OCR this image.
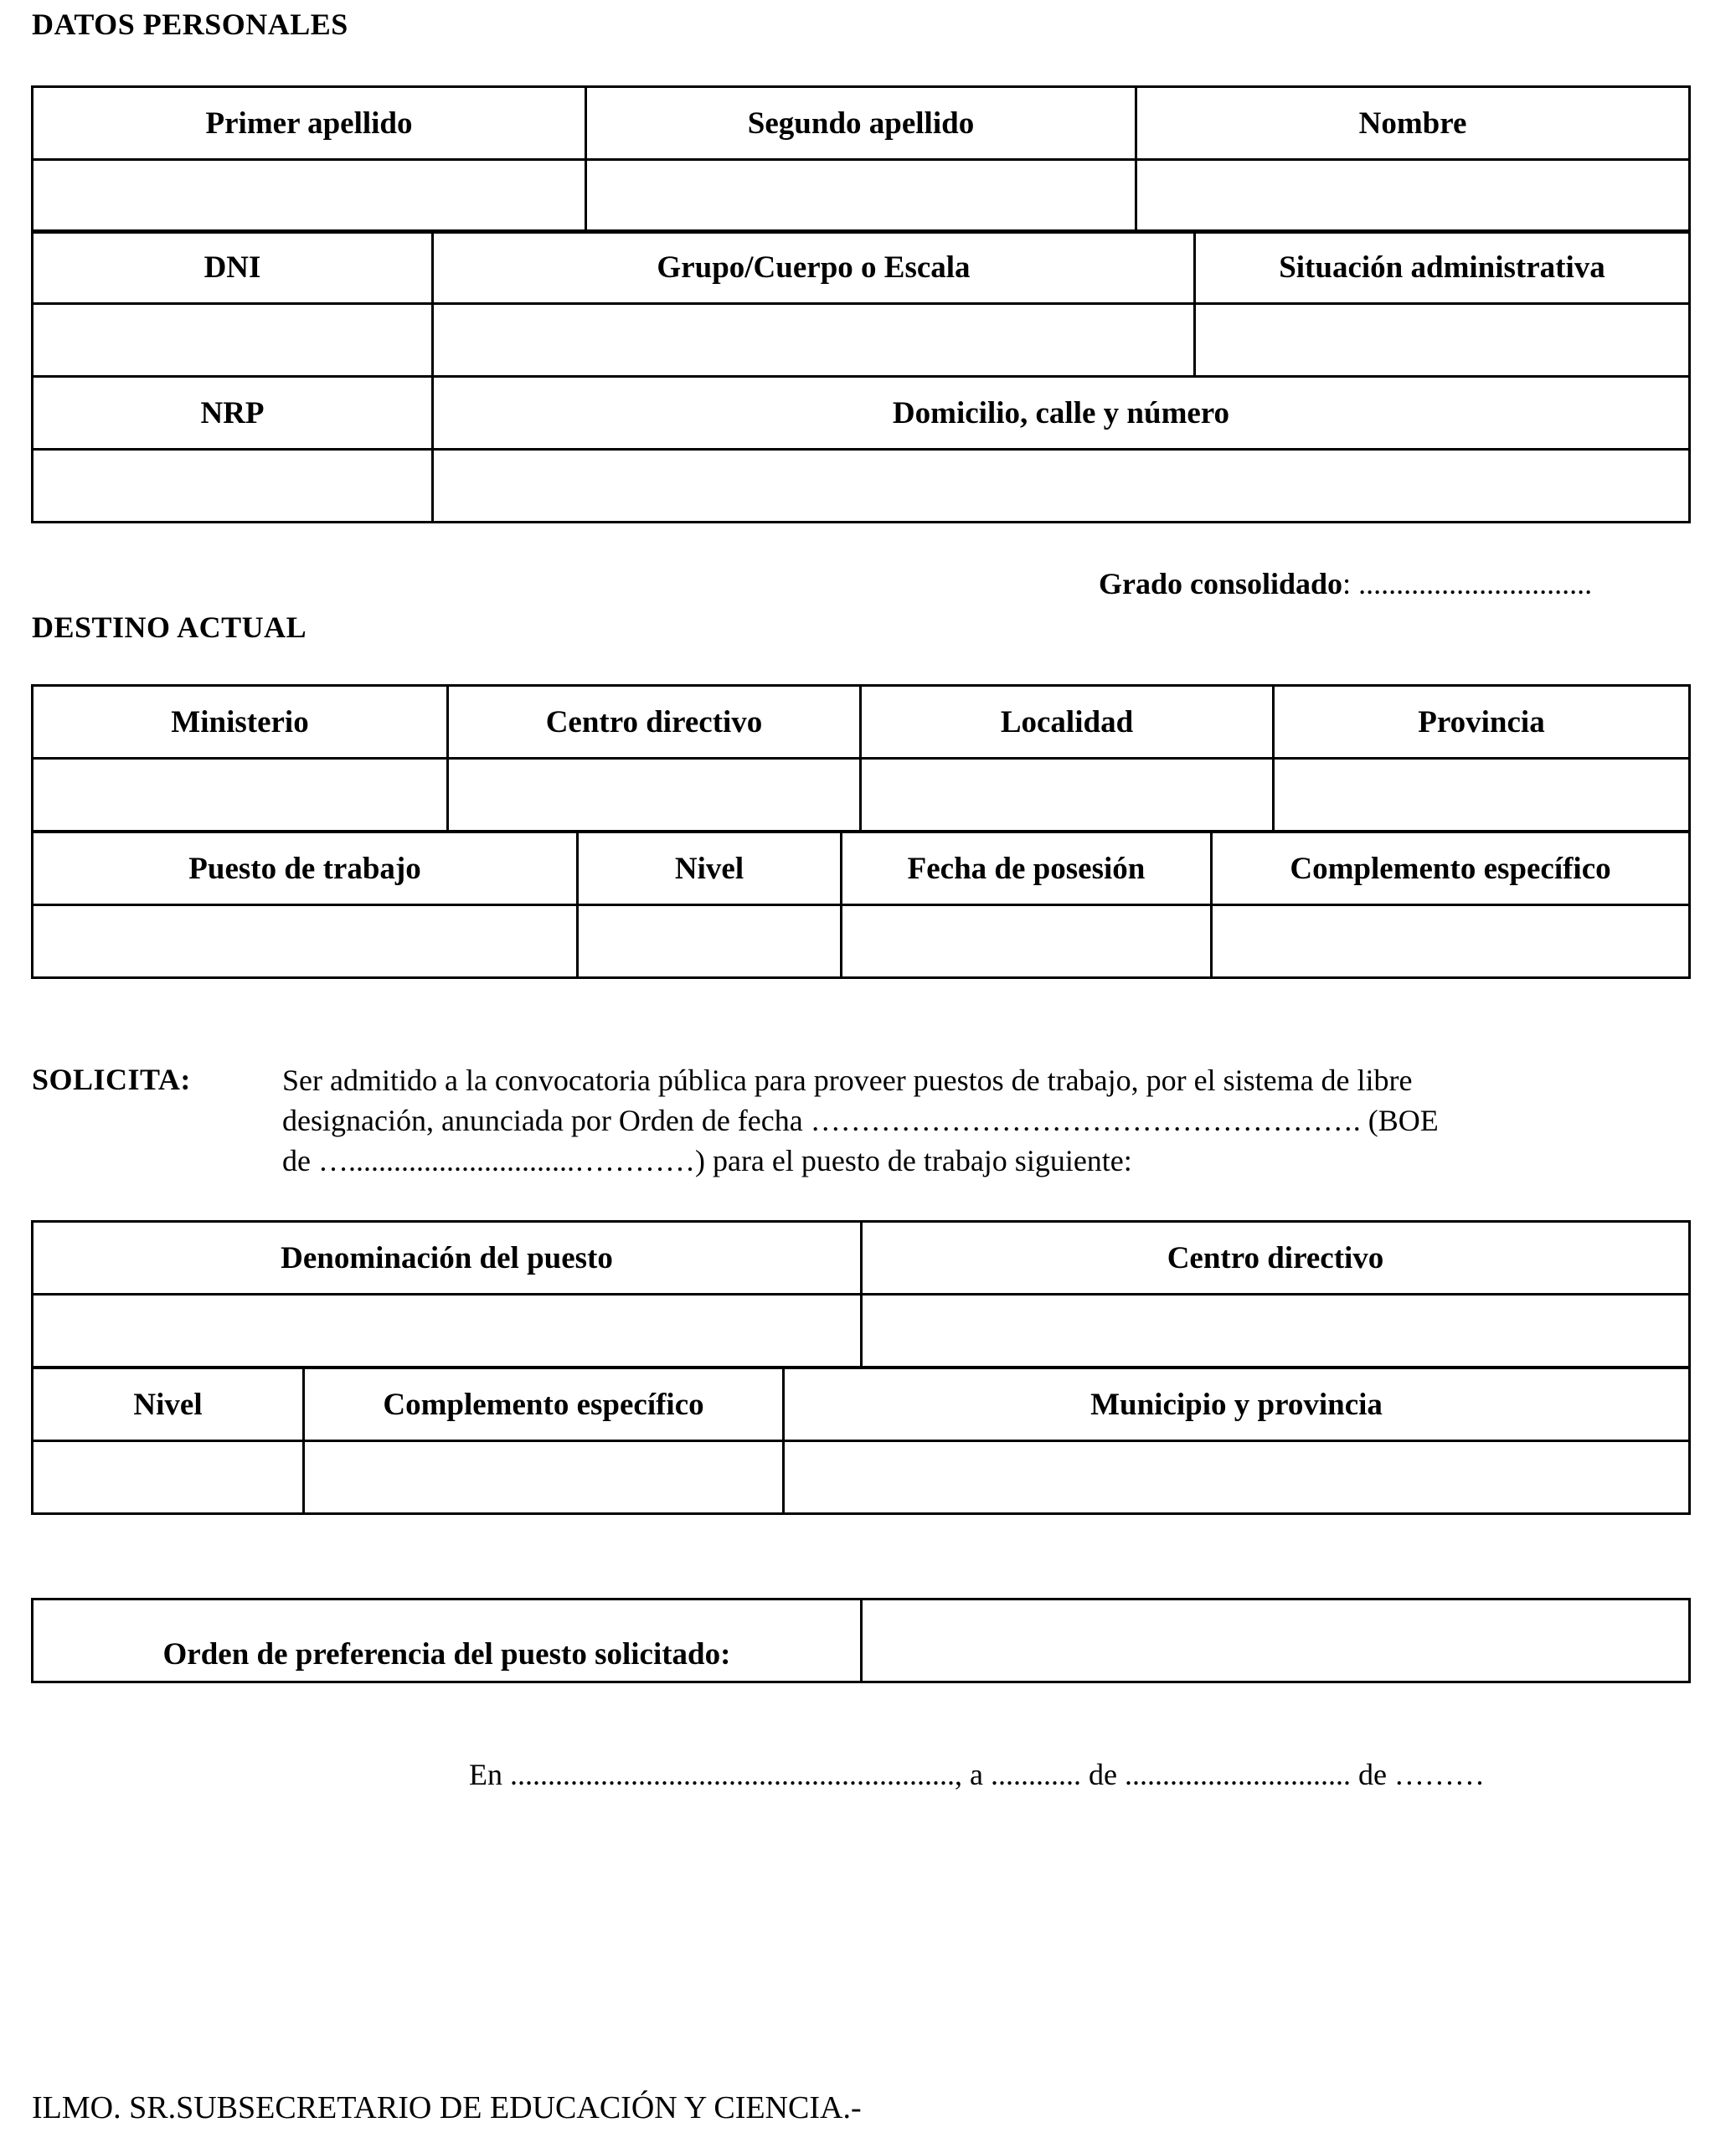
DATOS PERSONALES
Primer apellido	Segundo apellido	Nombre

DNI	Grupo/Cuerpo o Escala	Situación administrativa

NRP	Domicilio, calle y número	

Grado consolidado: ...............................
DESTINO ACTUAL
Ministerio	Centro directivo	Localidad	Provincia

Puesto de trabajo	Nivel	Fecha de posesión	Complemento específico

SOLICITA:	Ser admitido a la convocatoria pública para proveer puestos de trabajo, por el sistema de libre
designación, anunciada por Orden de fecha ………………………………………………. (BOE
de …..............................…………) para el puesto de trabajo siguiente:
Denominación del puesto	Centro directivo

Nivel	Complemento específico	Municipio y provincia

Orden de preferencia del puesto solicitado:	
En ..........................................................., a ............ de .............................. de ………
ILMO. SR.SUBSECRETARIO DE EDUCACIÓN Y CIENCIA.-
